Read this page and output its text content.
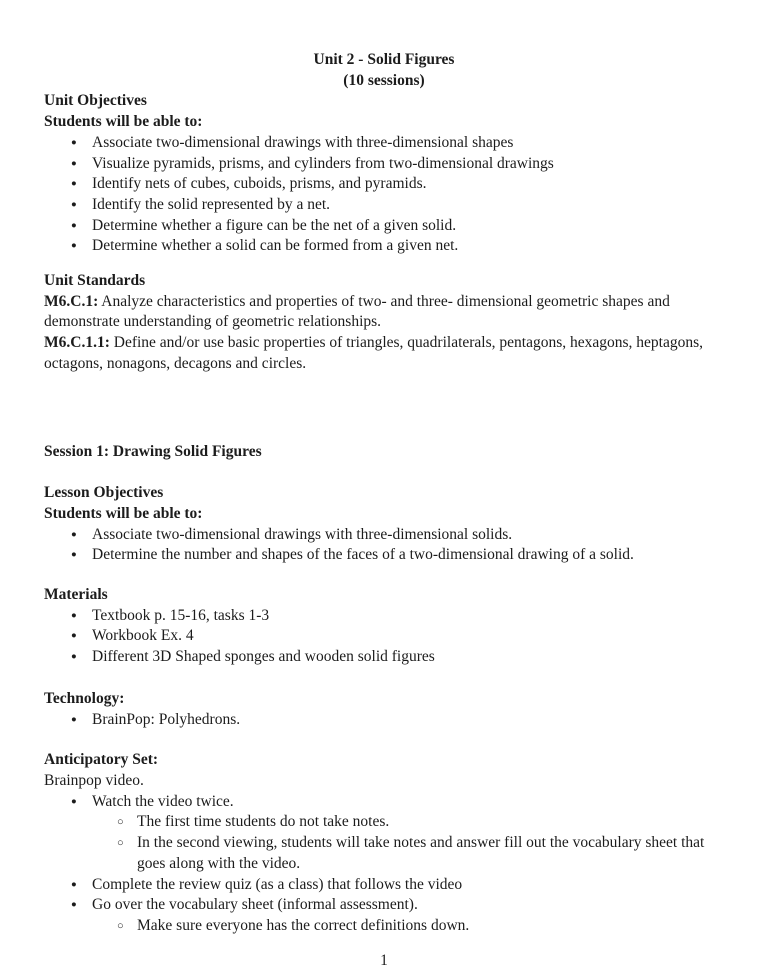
Unit 2 - Solid Figures
(10 sessions)
Unit Objectives
Students will be able to:
● Associate two-dimensional drawings with three-dimensional shapes
● Visualize pyramids, prisms, and cylinders from two-dimensional drawings
● Identify nets of cubes, cuboids, prisms, and pyramids.
● Identify the solid represented by a net.
● Determine whether a figure can be the net of a given solid.
● Determine whether a solid can be formed from a given net.
Unit Standards

M6.C.1: Analyze characteristics and properties of two- and three- dimensional geometric shapes and demonstrate understanding of geometric relationships.

M6.C.1.1: Define and/or use basic properties of triangles, quadrilaterals, pentagons, hexagons, heptagons, octagons, nonagons, decagons and circles.

Session 1: Drawing Solid Figures
Lesson Objectives
Students will be able to:
● Associate two-dimensional drawings with three-dimensional solids.
● Determine the number and shapes of the faces of a two-dimensional drawing of a solid.
Materials
● Textbook p. 15-16, tasks 1-3
● Workbook Ex. 4
● Different 3D Shaped sponges and wooden solid figures
Technology:
● BrainPop: Polyhedrons.
Anticipatory Set:

Brainpop video.

● Watch the video twice.
○ The first time students do not take notes.
○ In the second viewing, students will take notes and answer fill out the vocabulary sheet that goes along with the video.
● Complete the review quiz (as a class) that follows the video
● Go over the vocabulary sheet (informal assessment).
○ Make sure everyone has the correct definitions down.
1
